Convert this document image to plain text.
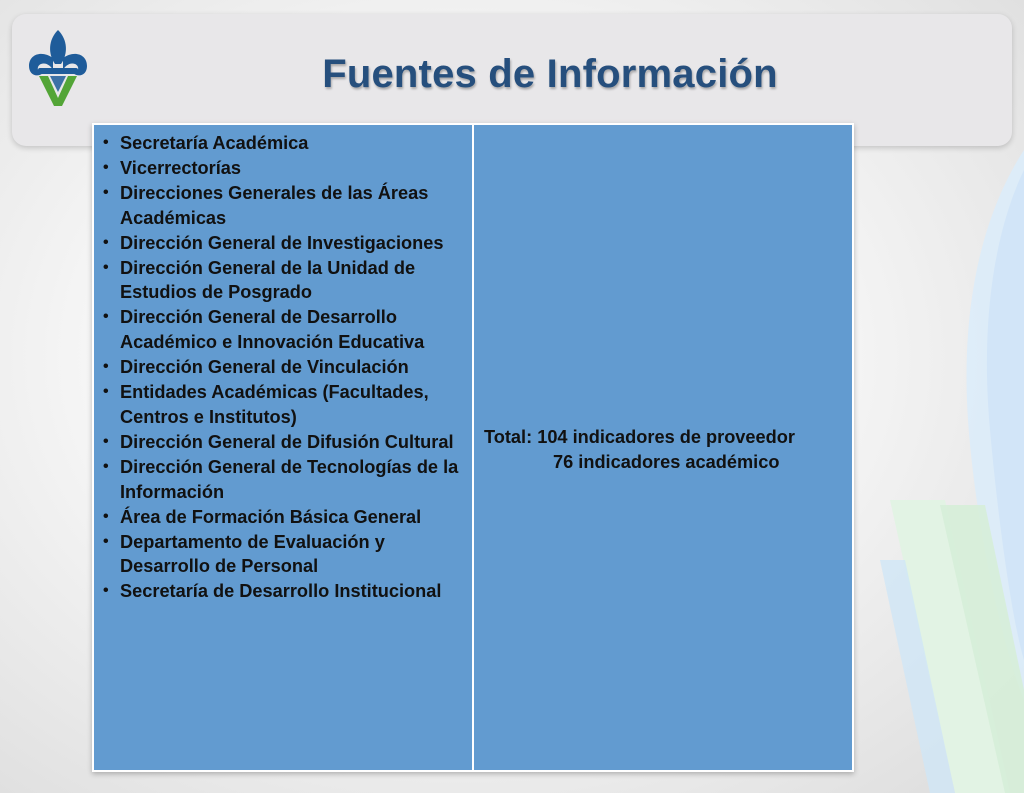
Fuentes de Información
• Secretaría Académica
• Vicerrectorías
• Direcciones Generales de las Áreas Académicas
• Dirección General de Investigaciones
• Dirección General de la Unidad de Estudios de Posgrado
• Dirección General de Desarrollo Académico e Innovación Educativa
• Dirección General de Vinculación
• Entidades Académicas (Facultades, Centros e Institutos)
• Dirección General de Difusión Cultural
• Dirección General de Tecnologías de la Información
• Área de Formación Básica General
• Departamento de Evaluación y Desarrollo de Personal
• Secretaría de Desarrollo Institucional
Total: 104 indicadores de proveedor
76 indicadores académico
